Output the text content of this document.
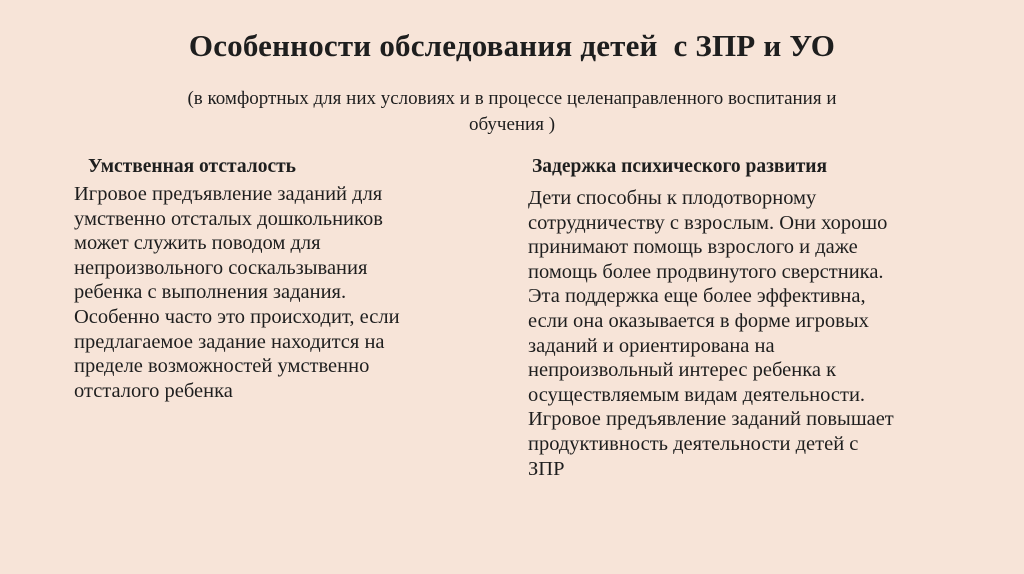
Особенности обследования детей  с ЗПР и УО
(в комфортных для них условиях и в процессе целенаправленного воспитания и
обучения )
Умственная отсталость
Игровое предъявление заданий для
умственно отсталых дошкольников
может служить поводом для
непроизвольного соскальзывания
ребенка с выполнения задания.
Особенно часто это происходит, если
предлагаемое задание находится на
пределе возможностей умственно
отсталого ребенка
Задержка психического развития
Дети способны к плодотворному
сотрудничеству с взрослым. Они хорошо
принимают помощь взрослого и даже
помощь более продвинутого сверстника.
Эта поддержка еще более эффективна,
если она оказывается в форме игровых
заданий и ориентирована на
непроизвольный интерес ребенка к
осуществляемым видам деятельности.
Игровое предъявление заданий повышает
продуктивность деятельности детей с
ЗПР
